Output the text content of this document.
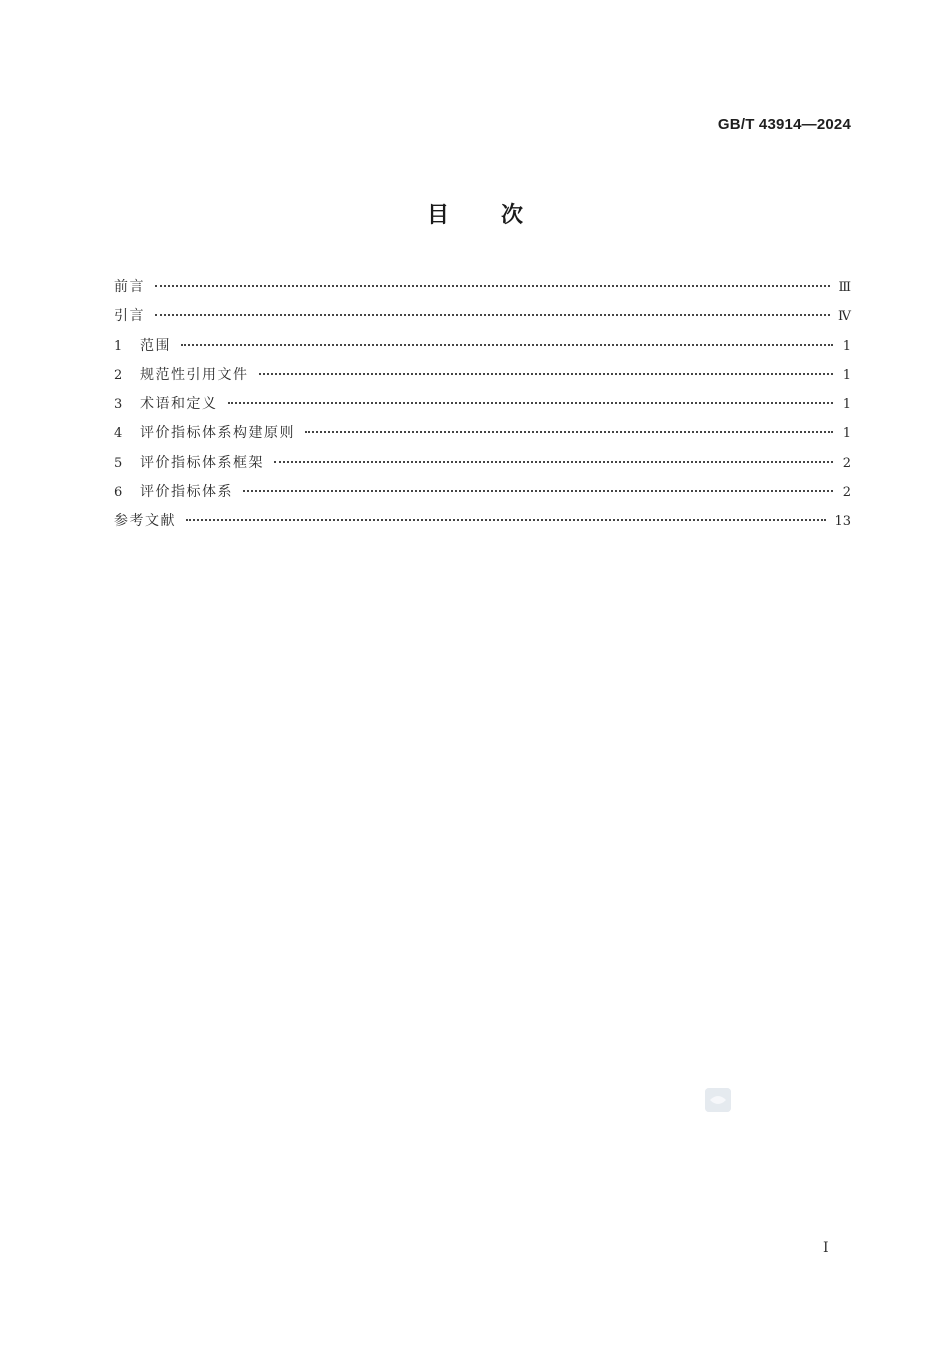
GB/T 43914—2024
目次
前言	Ⅲ
引言	Ⅳ
1	范围	1
2	规范性引用文件	1
3	术语和定义	1
4	评价指标体系构建原则	1
5	评价指标体系框架	2
6	评价指标体系	2
参考文献	13
I
